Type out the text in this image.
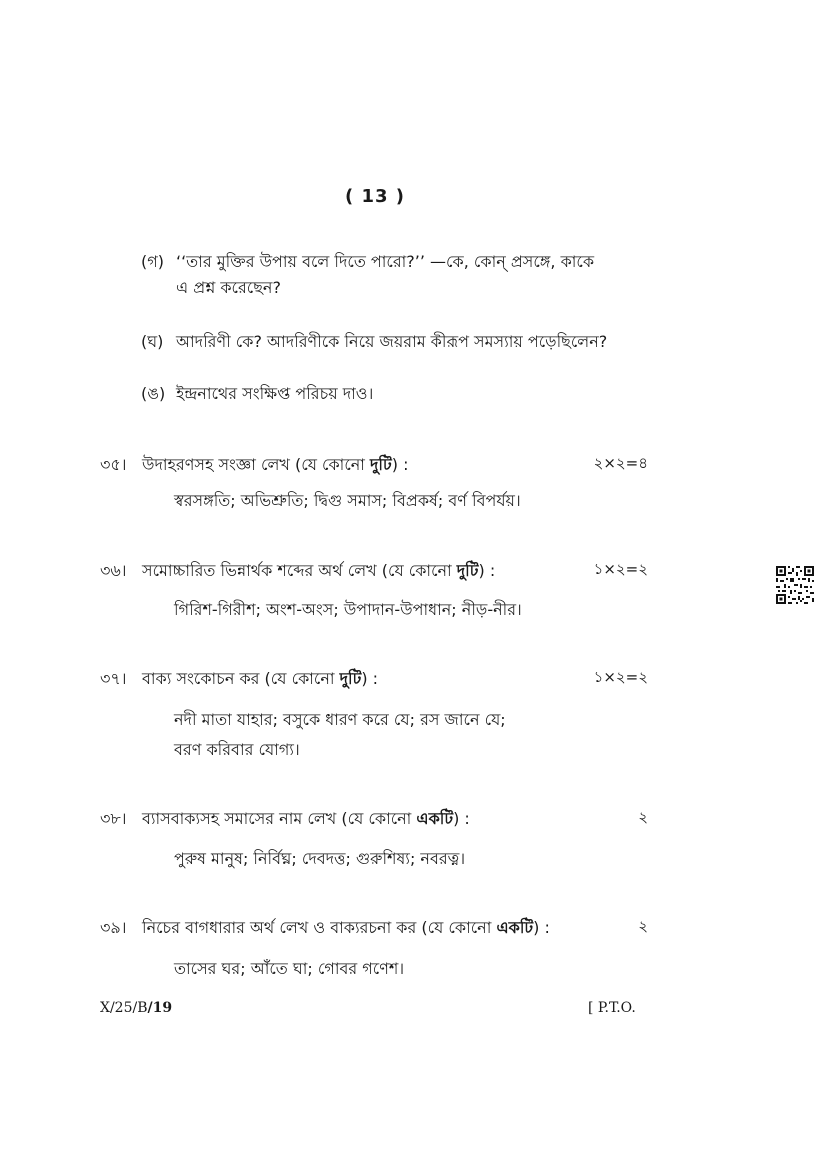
( 13 )
(গ) ‘‘তার মুক্তির উপায় বলে দিতে পারো?’’ —কে, কোন্ প্রসঙ্গে, কাকে
এ প্রশ্ন করেছেন?
(ঘ) আদরিণী কে? আদরিণীকে নিয়ে জয়রাম কীরূপ সমস্যায় পড়েছিলেন?
(ঙ) ইন্দ্রনাথের সংক্ষিপ্ত পরিচয় দাও।
৩৫। উদাহরণসহ সংজ্ঞা লেখ (যে কোনো দুটি) :	২×২=৪
স্বরসঙ্গতি; অভিশ্রুতি; দ্বিগু সমাস; বিপ্রকর্ষ; বর্ণ বিপর্যয়।
৩৬। সমোচ্চারিত ভিন্নার্থক শব্দের অর্থ লেখ (যে কোনো দুটি) :	১×২=২
গিরিশ-গিরীশ; অংশ-অংস; উপাদান-উপাধান; নীড়-নীর।
৩৭। বাক্য সংকোচন কর (যে কোনো দুটি) :	১×২=২
নদী মাতা যাহার; বসুকে ধারণ করে যে; রস জানে যে;
বরণ করিবার যোগ্য।
৩৮। ব্যাসবাক্যসহ সমাসের নাম লেখ (যে কোনো একটি) :	২
পুরুষ মানুষ; নির্বিঘ্ন; দেবদত্ত; গুরুশিষ্য; নবরত্ন।
৩৯। নিচের বাগধারার অর্থ লেখ ও বাক্যরচনা কর (যে কোনো একটি) :	২
তাসের ঘর; আঁতে ঘা; গোবর গণেশ।
X/25/B/19	[ P.T.O.
